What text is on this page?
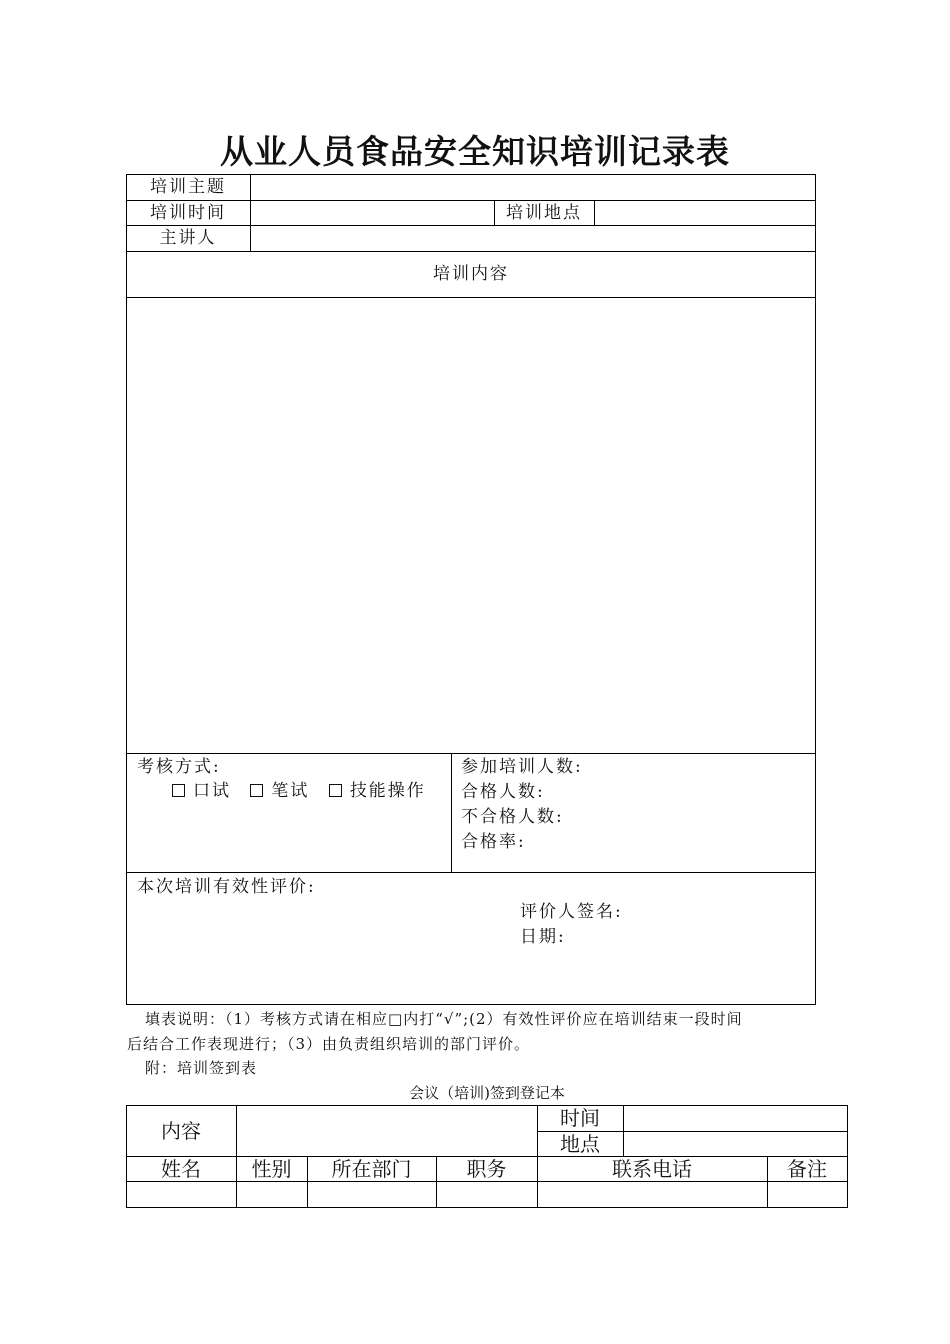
从业人员食品安全知识培训记录表
培训主题
培训时间	培训地点
主讲人
培训内容
考核方式:
口试 笔试 技能操作
参加培训人数:
合格人数:
不合格人数:
合格率:
本次培训有效性评价:
评价人签名:
日期:
填表说明：（1）考核方式请在相应□内打“√”;(2）有效性评价应在培训结束一段时间
后结合工作表现进行；（3）由负责组织培训的部门评价。
附：培训签到表
会议（培训)签到登记本
内容
时间
地点
姓名	性别	所在部门	职务	联系电话	备注
